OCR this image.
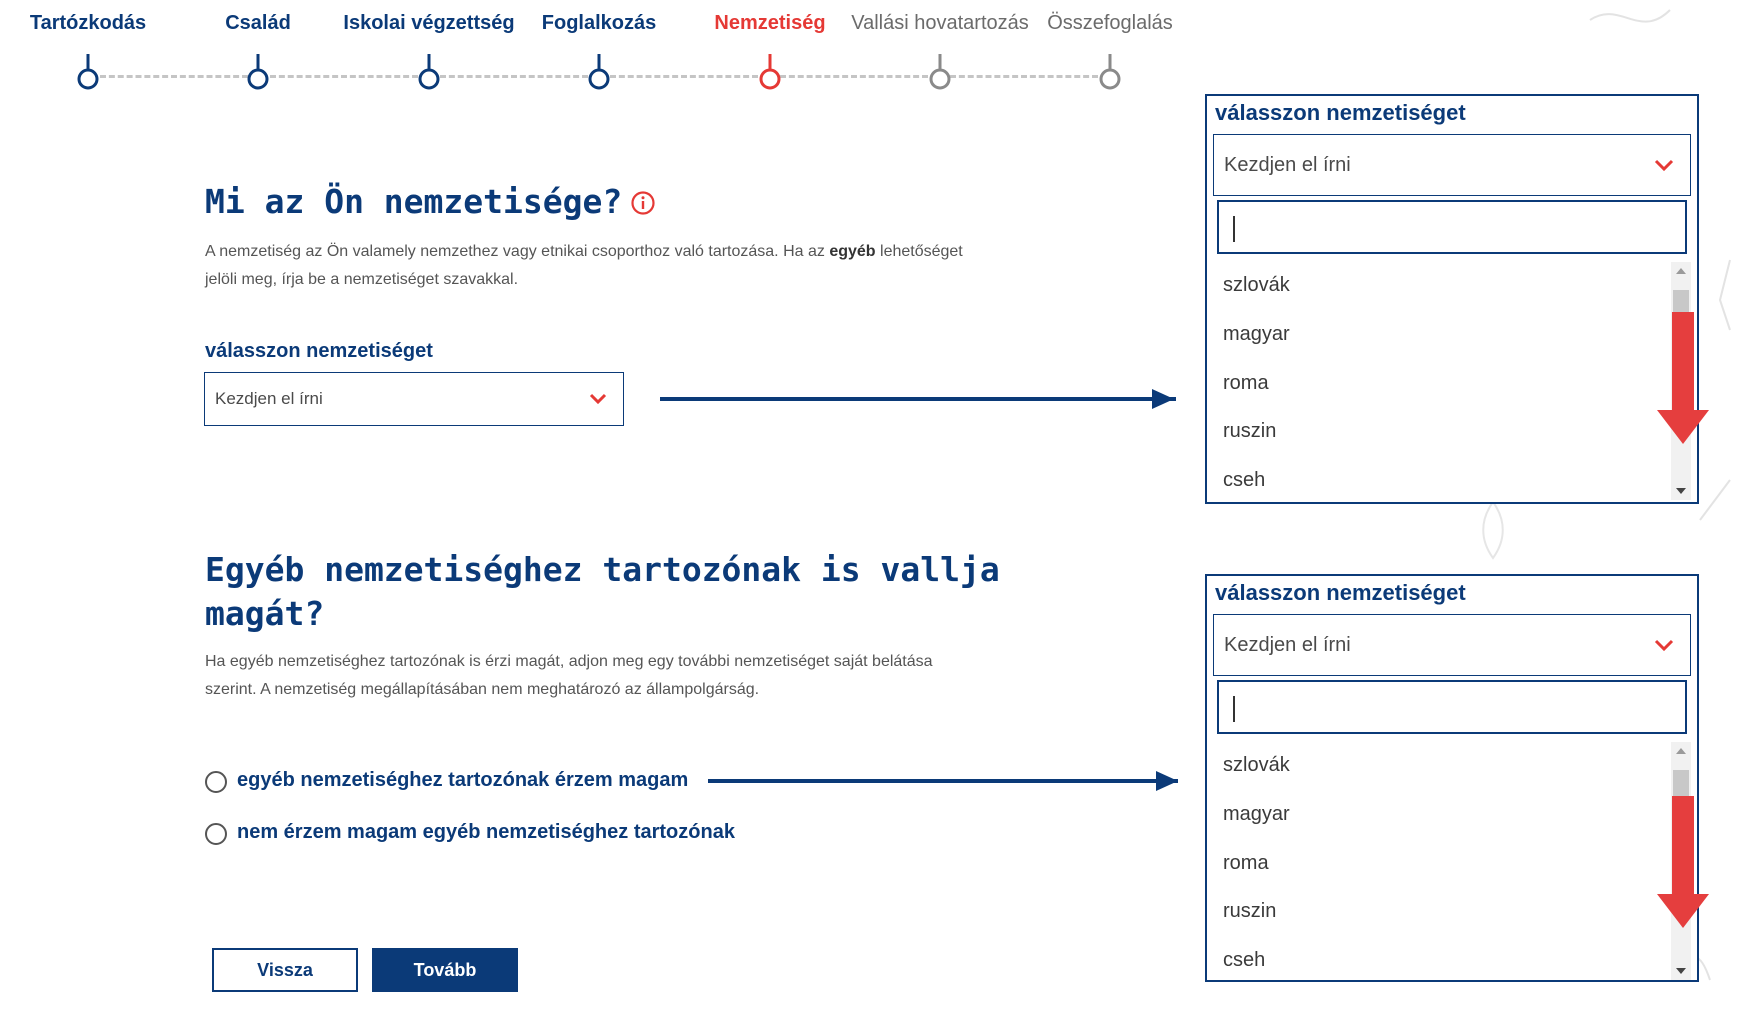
Tartózkodás	Család	Iskolai végzettség Foglalkozás	Nemzetiség Vallási hovatartozás Összefoglalás
Mi az Ön nemzetisége?
A nemzetiség az Ön valamely nemzethez vagy etnikai csoporthoz való tartozása. Ha az egyéb lehetőséget
jelöli meg, írja be a nemzetiséget szavakkal.
válasszon nemzetiséget
Kezdjen el írni
válasszon nemzetiséget
Kezdjen el írni
szlovák
magyar
roma
ruszin
cseh
Egyéb nemzetiséghez tartozónak is vallja
magát?
Ha egyéb nemzetiséghez tartozónak is érzi magát, adjon meg egy további nemzetiséget saját belátása
szerint. A nemzetiség megállapításában nem meghatározó az állampolgárság.
egyéb nemzetiséghez tartozónak érzem magam
nem érzem magam egyéb nemzetiséghez tartozónak
válasszon nemzetiséget
Kezdjen el írni
szlovák
magyar
roma
ruszin
cseh
Vissza	Tovább
